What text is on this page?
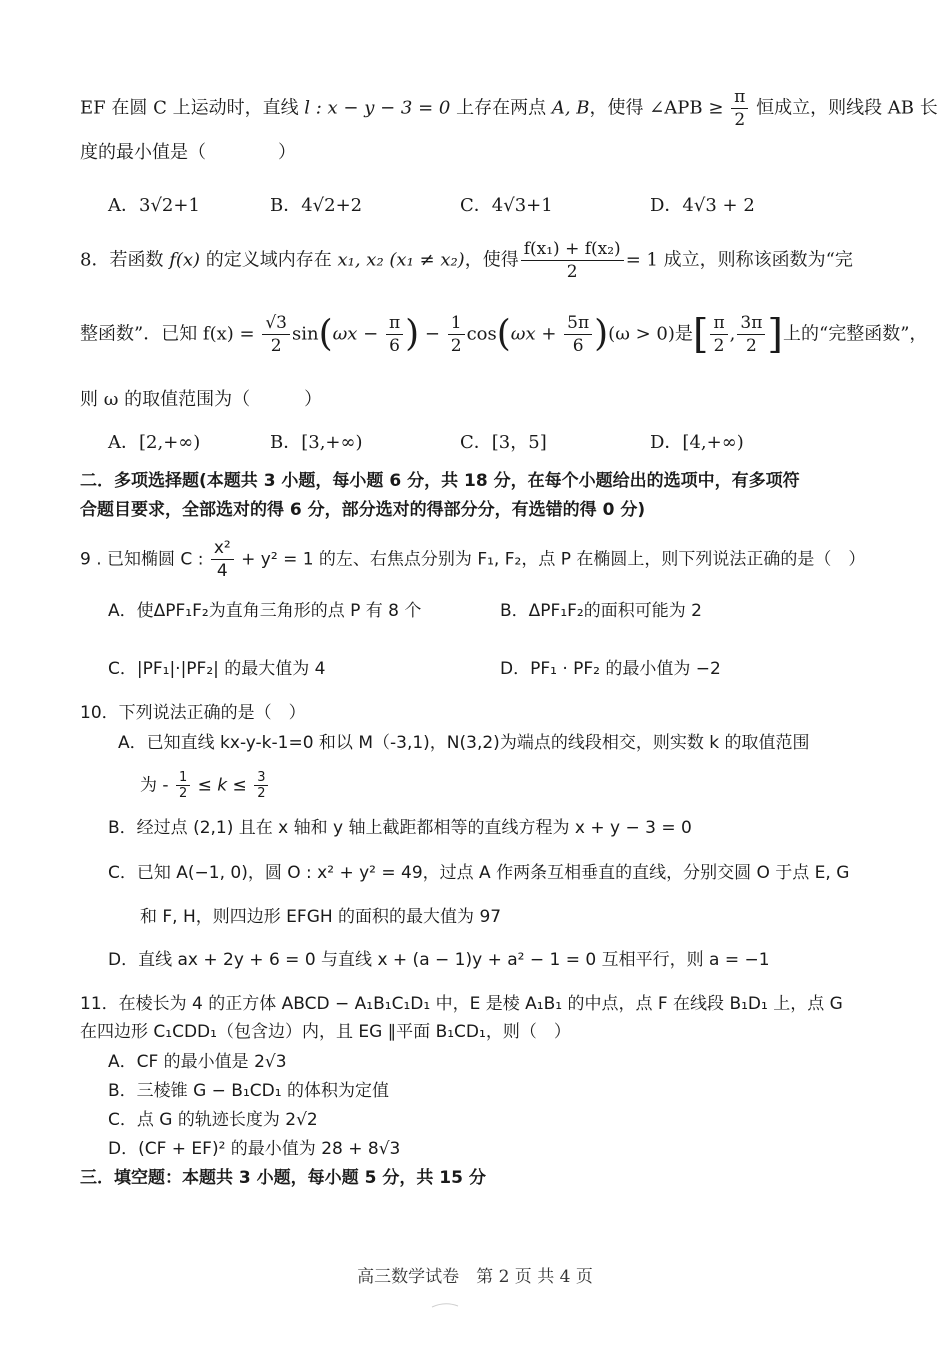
EF 在圆 C 上运动时，直线 l : x − y − 3 = 0 上存在两点 A, B，使得 ∠APB ≥ $\frac{\pi}{2}$ 恒成立，则线段 AB 长
度的最小值是（　　　　）
A．3√2+1	B．4√2+2	C．4√3+1	D．4√3 + 2
8．若函数 f(x) 的定义域内存在 x₁, x₂ (x₁ ≠ x₂)，使得 $\frac{\text{f(x₁) + f(x₂)}}{2} = 1$ 成立，则称该函数为“完
整函数”．已知 $f(x) = \frac{√3}{2} \sin(\omega x - \frac{\pi}{6}$ ) − $\frac{1}{2} \cos(\omega x + \frac{5\pi}{6} )(\omega > 0)$是[ $\frac{\pi}{2}$ , $\frac{3\pi}{2}$ ]上的“完整函数”，
则 ω 的取值范围为（　　　）
A．[2,+∞)	B．[3,+∞)	C．[3，5]	D．[4,+∞)
二．多项选择题(本题共 3 小题，每小题 6 分，共 18 分，在每个小题给出的选项中，有多项符
合题目要求，全部选对的得 6 分，部分选对的得部分分，有选错的得 0 分)
9 . 已知椭圆 C : $\frac{\text{x²}}{4} + y^2 = 1$ 的左、右焦点分别为 F₁, F₂，点 P 在椭圆上，则下列说法正确的是（　）
A．使ΔPF₁F₂为直角三角形的点 P 有 8 个	B．ΔPF₁F₂的面积可能为 2
C．|PF₁|·|PF₂| 的最大值为 4	D．PF₁ · PF₂ 的最小值为 −2
10．下列说法正确的是（　）
A．已知直线 kx-y-k-1=0 和以 M（-3,1)，N(3,2)为端点的线段相交，则实数 k 的取值范围
为 - $\frac{1}{2} \le k \le \frac{3}{2}$
B．经过点 (2,1) 且在 x 轴和 y 轴上截距都相等的直线方程为 x + y − 3 = 0
C．已知 A(−1, 0)，圆 O : x² + y² = 49，过点 A 作两条互相垂直的直线，分别交圆 O 于点 E, G
和 F, H，则四边形 EFGH 的面积的最大值为 97
D．直线 ax + 2y + 6 = 0 与直线 x + (a − 1)y + a² − 1 = 0 互相平行，则 a = −1
11．在棱长为 4 的正方体 ABCD − A₁B₁C₁D₁ 中，E 是棱 A₁B₁ 的中点，点 F 在线段 B₁D₁ 上，点 G
在四边形 C₁CDD₁（包含边）内，且 EG ∥平面 B₁CD₁，则（　）
A．CF 的最小值是 2√3
B．三棱锥 G − B₁CD₁ 的体积为定值
C．点 G 的轨迹长度为 2√2
D．(CF + EF)² 的最小值为 28 + 8√3
三．填空题：本题共 3 小题，每小题 5 分，共 15 分
高三数学试卷　第 2 页 共 4 页
